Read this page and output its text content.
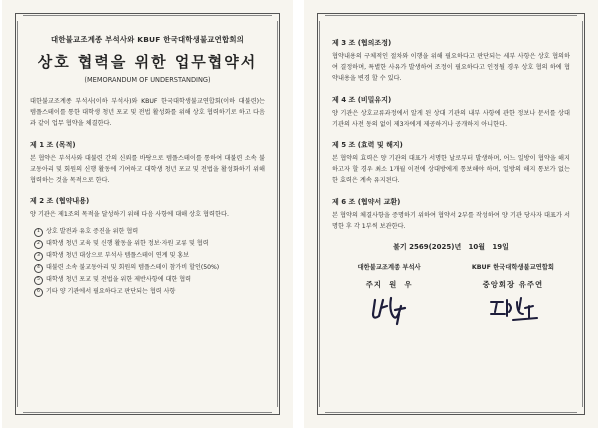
대한불교조계종 부석사와 KBUF 한국대학생불교연합회의
상호 협력을 위한 업무협약서
(MEMORANDUM OF UNDERSTANDING)

대한불교조계종 부석사(이하 부석사)와 KBUF 한국대학생불교연합회(이하 대불련)는 템플스테이를 통한 대학생 청년 포교 및 전법 활성화를 위해 상호 협력하기로 하고 다음과 같이 업무 협약을 체결한다.

제 1 조 (목적)

본 협약은 부석사와 대불련 간의 신뢰를 바탕으로 템플스테이를 통하여 대불련 소속 불교동아리 및 회원의 신행 활동에 기여하고 대학생 청년 포교 및 전법을 활성화하기 위해 협력하는 것을 목적으로 한다.

제 2 조 (협약내용)

양 기관은 제1조의 목적을 달성하기 위해 다음 사항에 대해 상호 협력한다.

1 상호 발전과 유호 증진을 위한 협력
2 대학생 청년 교육 및 신행 활동을 위한 정보·자원 교류 및 협력
3 대학생 청년 대상으로 부석사 템플스테이 연계 및 홍보
4 대불련 소속 불교동아리 및 회원의 템플스테이 참가비 할인(50%)
5 대학생 청년 포교 및 전법을 위한 제반사항에 대한 협력
6 기타 양 기관에서 필요하다고 판단되는 협력 사항
제 3 조 (협의조정)

협약내용의 구체적인 절차와 이행을 위해 필요하다고 판단되는 세부 사항은 상호 협의하여 결정하며, 특별한 사유가 발생하여 조정이 필요하다고 인정될 경우 상호 협의 하에 협약내용을 변경 할 수 있다.

제 4 조 (비밀유지)

양 기관은 상호교류과정에서 알게 된 상대 기관의 내부 사항에 관한 정보나 문서를 상대 기관의 사전 동의 없이 제3자에게 제공하거나 공개하지 아니한다.

제 5 조 (효력 및 해지)

본 협약의 효력은 양 기관의 대표가 서명한 날로부터 발생하며, 어느 일방이 협약을 해지하고자 할 경우 최소 1개월 이전에 상대방에게 통보해야 하며, 일방의 해지 통보가 없는 한 효력은 계속 유지된다.

제 6 조 (협약서 교환)

본 협약의 체결사항을 증명하기 위하여 협약서 2부를 작성하여 양 기관 당사자 대표가 서명한 후 각 1부씩 보관한다.

불기 2569(2025)년   10월   19일
대한불교조계종 부석사
주지  원  우
KBUF 한국대학생불교연합회
중앙회장 유주연
